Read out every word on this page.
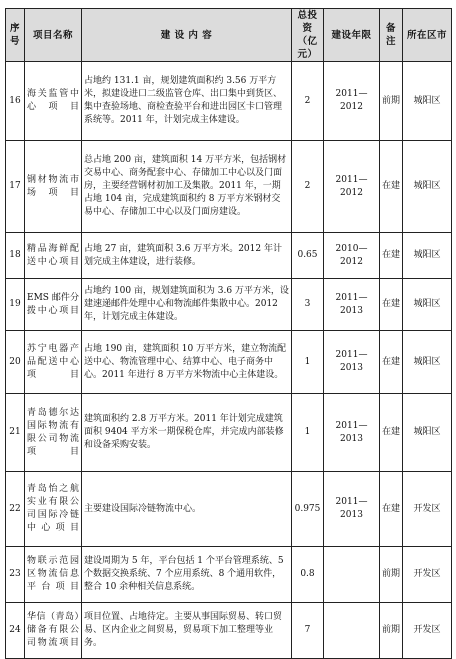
序号	项目名称	建 设 内 容	总投资（亿元）	建设年限	备注	所在区市
16	海关监管中心项目	占地约 131.1 亩，规划建筑面积约 3.56 万平方米，拟建设进口二级监管仓库、出口集中到货区、集中查验场地、商检查验平台和进出园区卡口管理系统等。2011 年，计划完成主体建设。	2	2011—2012	前期	城阳区
17	钢材物流市场项目	总占地 200 亩，建筑面积 14 万平方米，包括钢材交易中心、商务配套中心、存储加工中心以及门面房，主要经营钢材初加工及集散。2011 年，一期占地 104 亩，完成建筑面积约 8 万平方米钢材交易中心、存储加工中心以及门面房建设。	2	2011—2012	在建	城阳区
18	精品海鲜配送中心项目	占地 27 亩，建筑面积 3.6 万平方米。2012 年计划完成主体建设，进行装修。	0.65	2010—2012	在建	城阳区
19	EMS 邮件分拨中心项目	占地约 100 亩，规划建筑面积为 3.6 万平方米，设建速递邮件处理中心和物流邮件集散中心。2012 年，计划完成主体建设。	3	2011—2013	在建	城阳区
20	苏宁电器产品配送中心项目	占地 190 亩，建筑面积 10 万平方米，建立物流配送中心、物流管理中心、结算中心、电子商务中心。2011 年进行 8 万平方米物流中心主体建设。	1	2011—2013	在建	城阳区
21	青岛德尔达国际物流有限公司物流项目	建筑面积约 2.8 万平方米。2011 年计划完成建筑面积 9404 平方米一期保税仓库，并完成内部装修和设备采购安装。	1	2011—2013	在建	城阳区
22	青岛怡之航实业有限公司国际冷链中心项目	主要建设国际冷链物流中心。	0.975	2011—2013	在建	开发区
23	物联示范园区物流信息平台项目	建设周期为 5 年，平台包括 1 个平台管理系统、5 个数据交换系统、7 个应用系统、8 个通用软件，整合 10 余种相关信息系统。	0.8		前期	开发区
24	华信（青岛）储备有限公司物流项目	项目位置、占地待定。主要从事国际贸易、转口贸易、区内企业之间贸易，贸易项下加工整理等业务。	7		前期	开发区
